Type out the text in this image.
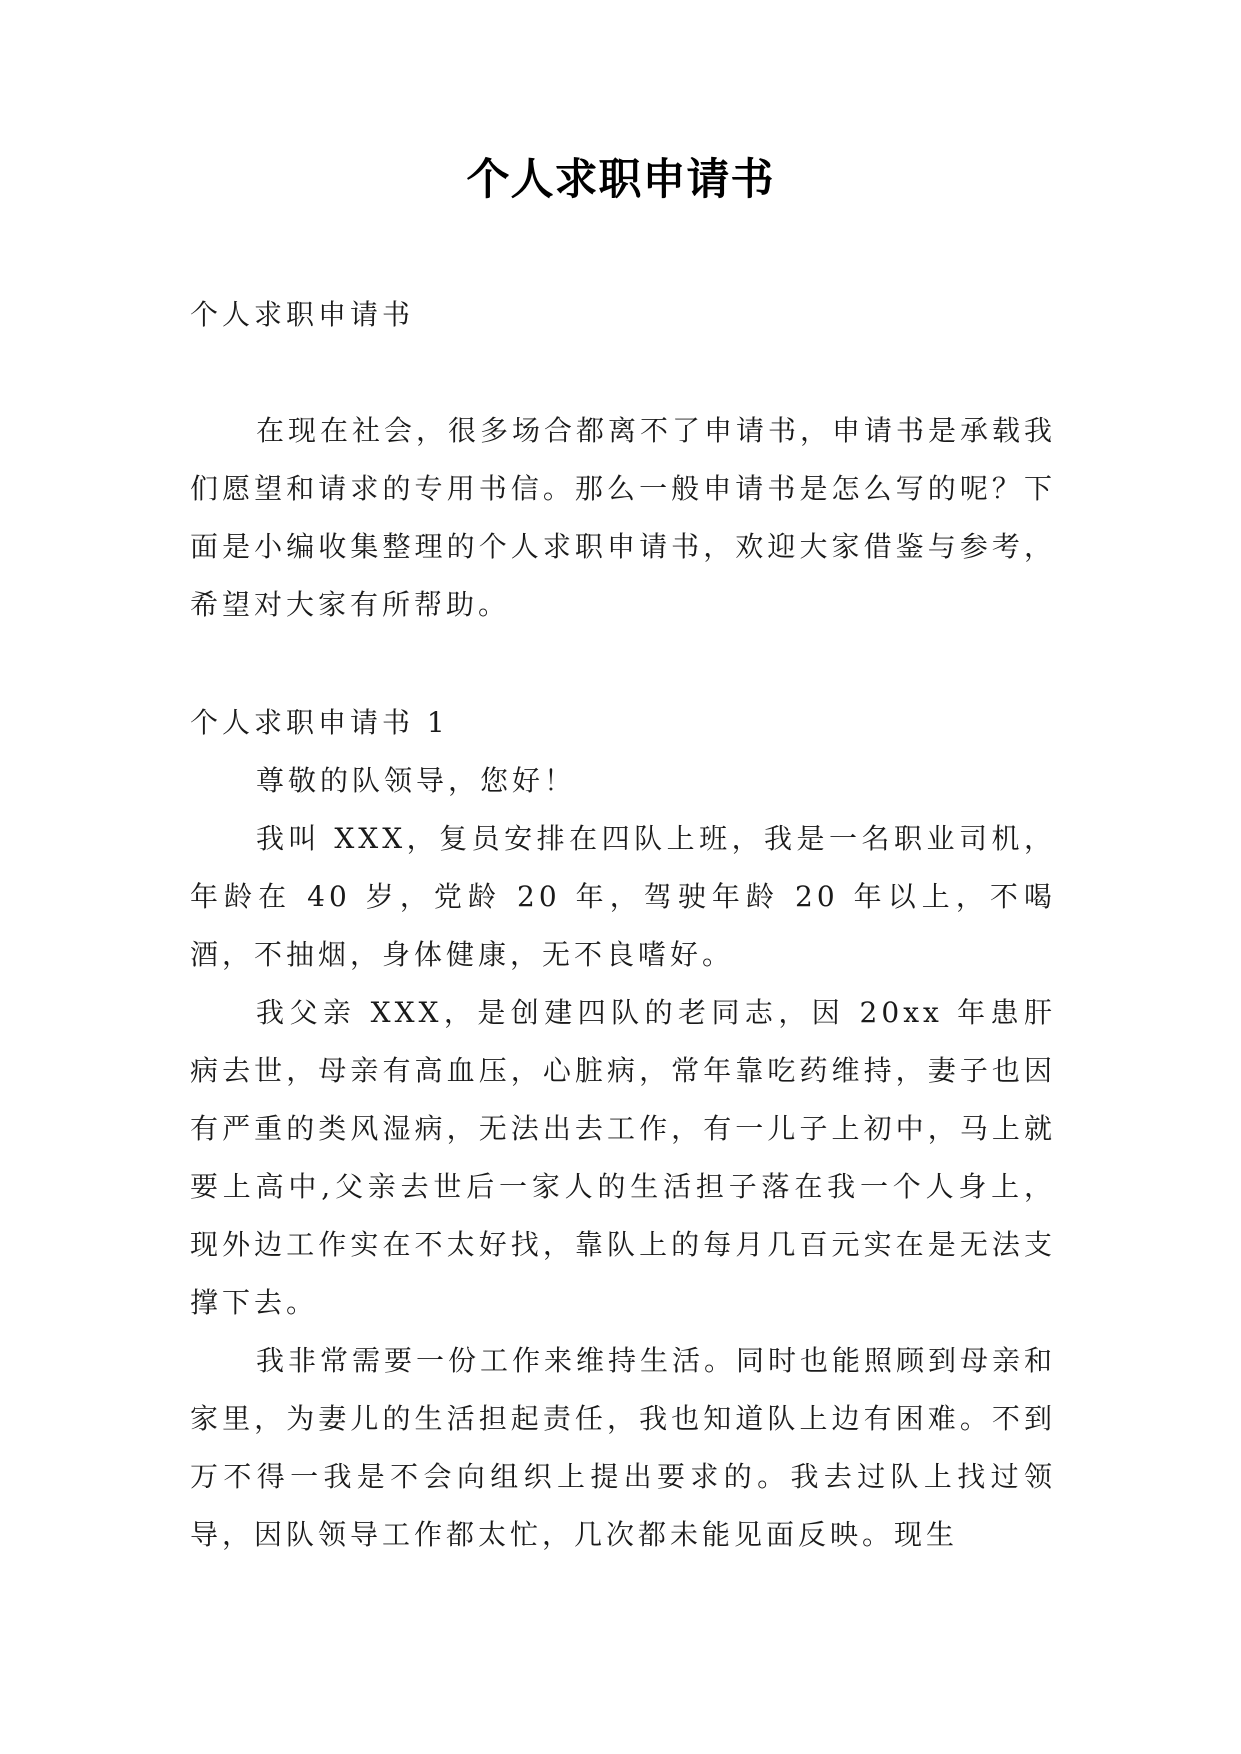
个人求职申请书

个人求职申请书

在现在社会，很多场合都离不了申请书，申请书是承载我们愿望和请求的专用书信。那么一般申请书是怎么写的呢？下面是小编收集整理的个人求职申请书，欢迎大家借鉴与参考，希望对大家有所帮助。

个人求职申请书 1

尊敬的队领导，您好！

我叫 XXX，复员安排在四队上班，我是一名职业司机，年龄在 40 岁，党龄 20 年，驾驶年龄 20 年以上，不喝酒，不抽烟，身体健康，无不良嗜好。

我父亲 XXX，是创建四队的老同志，因 20xx 年患肝病去世，母亲有高血压，心脏病，常年靠吃药维持，妻子也因有严重的类风湿病，无法出去工作，有一儿子上初中，马上就要上高中,父亲去世后一家人的生活担子落在我一个人身上，现外边工作实在不太好找，靠队上的每月几百元实在是无法支撑下去。

我非常需要一份工作来维持生活。同时也能照顾到母亲和家里，为妻儿的生活担起责任，我也知道队上边有困难。不到万不得一我是不会向组织上提出要求的。我去过队上找过领导，因队领导工作都太忙，几次都未能见面反映。现生
